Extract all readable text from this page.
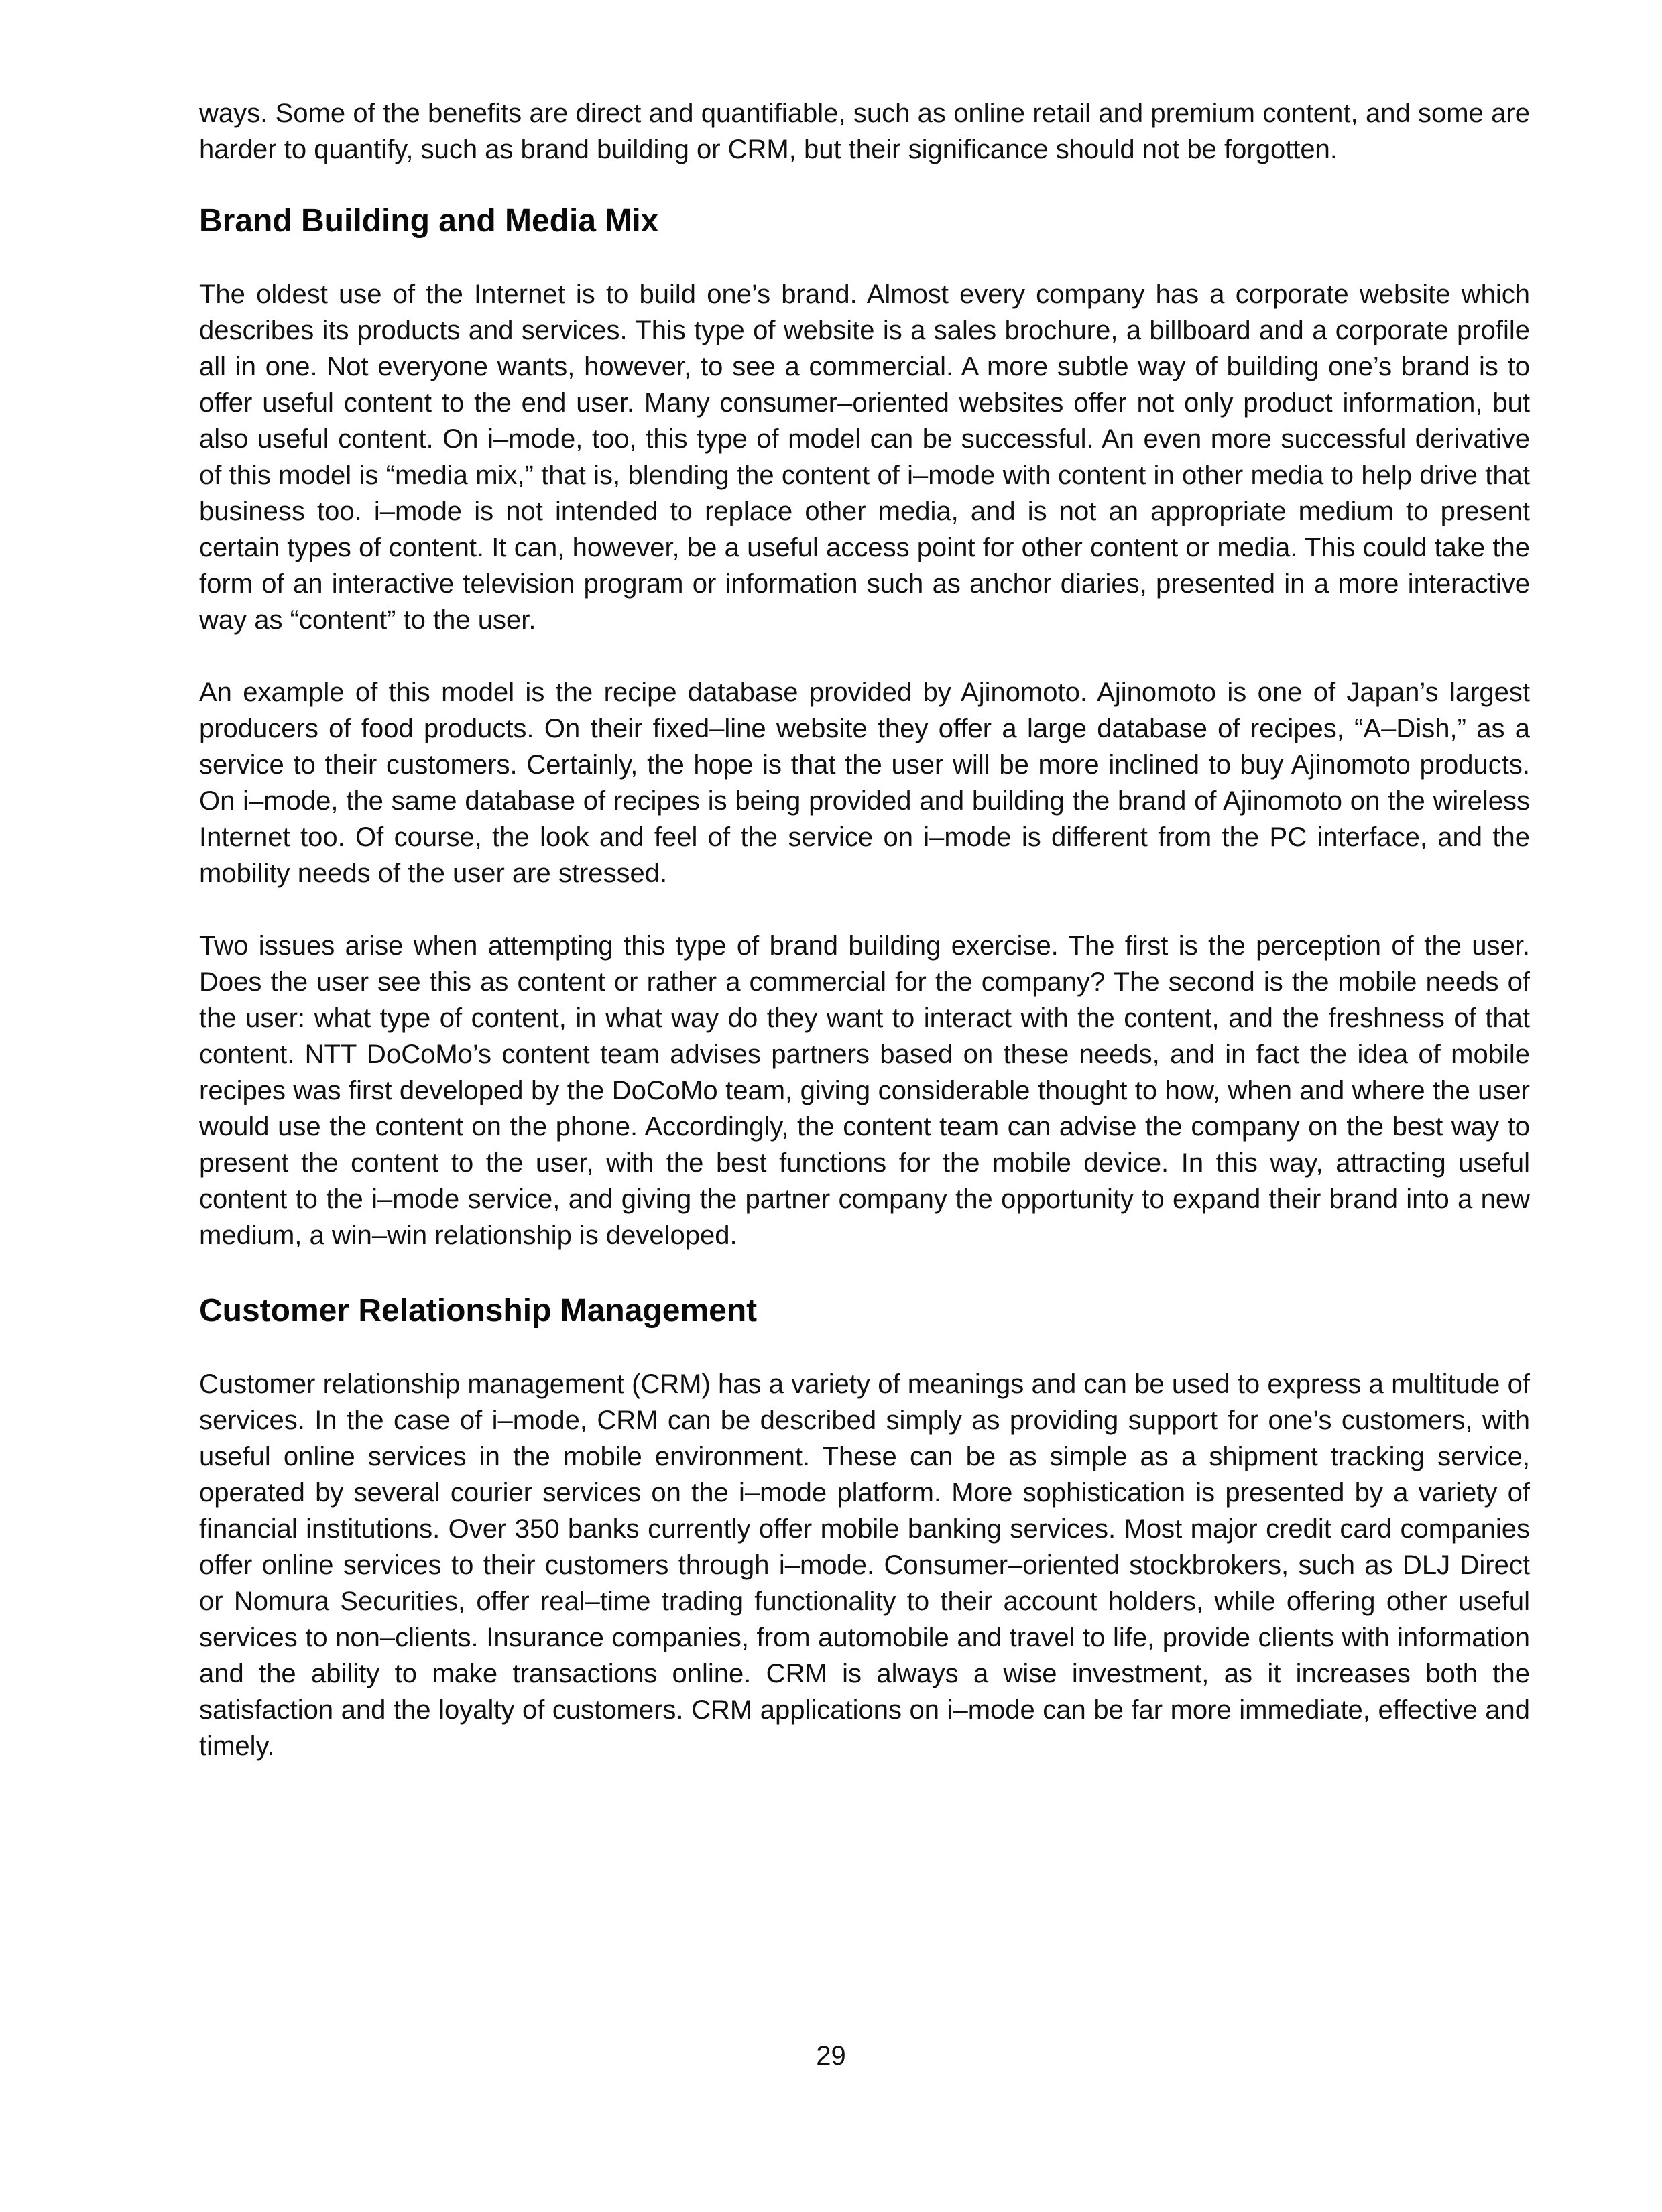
ways. Some of the benefits are direct and quantifiable, such as online retail and premium content, and some are harder to quantify, such as brand building or CRM, but their significance should not be forgotten.

Brand Building and Media Mix

The oldest use of the Internet is to build one’s brand. Almost every company has a corporate website which describes its products and services. This type of website is a sales brochure, a billboard and a corporate profile all in one. Not everyone wants, however, to see a commercial. A more subtle way of building one’s brand is to offer useful content to the end user. Many consumer–oriented websites offer not only product information, but also useful content. On i–mode, too, this type of model can be successful. An even more successful derivative of this model is “media mix,” that is, blending the content of i–mode with content in other media to help drive that business too. i–mode is not intended to replace other media, and is not an appropriate medium to present certain types of content. It can, however, be a useful access point for other content or media. This could take the form of an interactive television program or information such as anchor diaries, presented in a more interactive way as “content” to the user.

An example of this model is the recipe database provided by Ajinomoto. Ajinomoto is one of Japan’s largest producers of food products. On their fixed–line website they offer a large database of recipes, “A–Dish,” as a service to their customers. Certainly, the hope is that the user will be more inclined to buy Ajinomoto products. On i–mode, the same database of recipes is being provided and building the brand of Ajinomoto on the wireless Internet too. Of course, the look and feel of the service on i–mode is different from the PC interface, and the mobility needs of the user are stressed.

Two issues arise when attempting this type of brand building exercise. The first is the perception of the user. Does the user see this as content or rather a commercial for the company? The second is the mobile needs of the user: what type of content, in what way do they want to interact with the content, and the freshness of that content. NTT DoCoMo’s content team advises partners based on these needs, and in fact the idea of mobile recipes was first developed by the DoCoMo team, giving considerable thought to how, when and where the user would use the content on the phone. Accordingly, the content team can advise the company on the best way to present the content to the user, with the best functions for the mobile device. In this way, attracting useful content to the i–mode service, and giving the partner company the opportunity to expand their brand into a new medium, a win–win relationship is developed.

Customer Relationship Management

Customer relationship management (CRM) has a variety of meanings and can be used to express a multitude of services. In the case of i–mode, CRM can be described simply as providing support for one’s customers, with useful online services in the mobile environment. These can be as simple as a shipment tracking service, operated by several courier services on the i–mode platform. More sophistication is presented by a variety of financial institutions. Over 350 banks currently offer mobile banking services. Most major credit card companies offer online services to their customers through i–mode. Consumer–oriented stockbrokers, such as DLJ Direct or Nomura Securities, offer real–time trading functionality to their account holders, while offering other useful services to non–clients. Insurance companies, from automobile and travel to life, provide clients with information and the ability to make transactions online. CRM is always a wise investment, as it increases both the satisfaction and the loyalty of customers. CRM applications on i–mode can be far more immediate, effective and timely.

29
